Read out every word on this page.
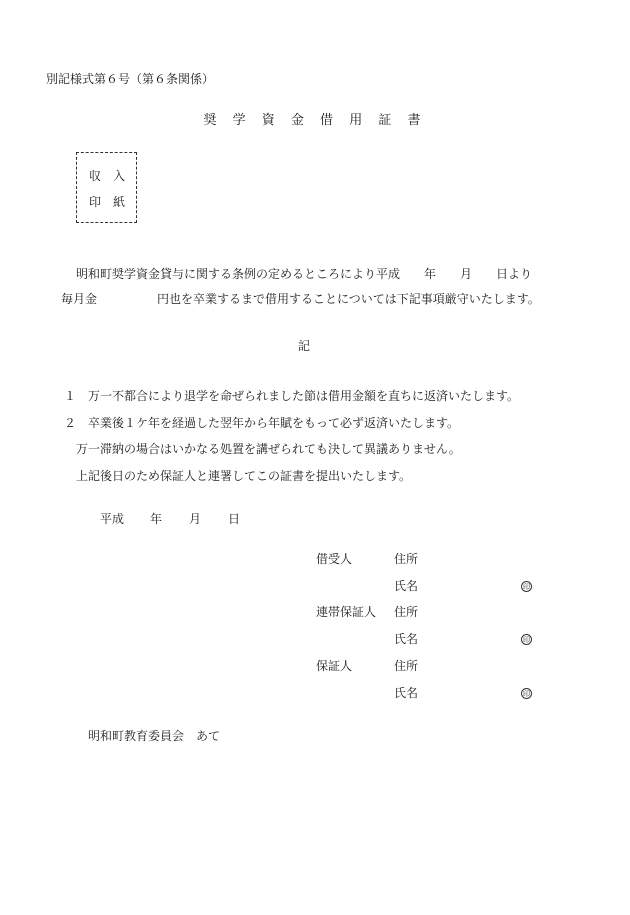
別記様式第６号（第６条関係）
奨 学 資 金 借 用 証 書
収　入
印　紙
明和町奨学資金貸与に関する条例の定めるところにより平成　　年　　月　　日より
毎月金　　　　　円也を卒業するまで借用することについては下記事項厳守いたします。
記
１ 万一不都合により退学を命ぜられました節は借用金額を直ちに返済いたします。
２ 卒業後１ケ年を経過した翌年から年賦をもって必ず返済いたします。
万一滞納の場合はいかなる処置を講ぜられても決して異議ありません。
上記後日のため保証人と連署してこの証書を提出いたします。
平成 年 月 日
借受人	住所
氏名	印
連帯保証人 住所
氏名	印
保証人	住所
氏名	印
明和町教育委員会　あて
